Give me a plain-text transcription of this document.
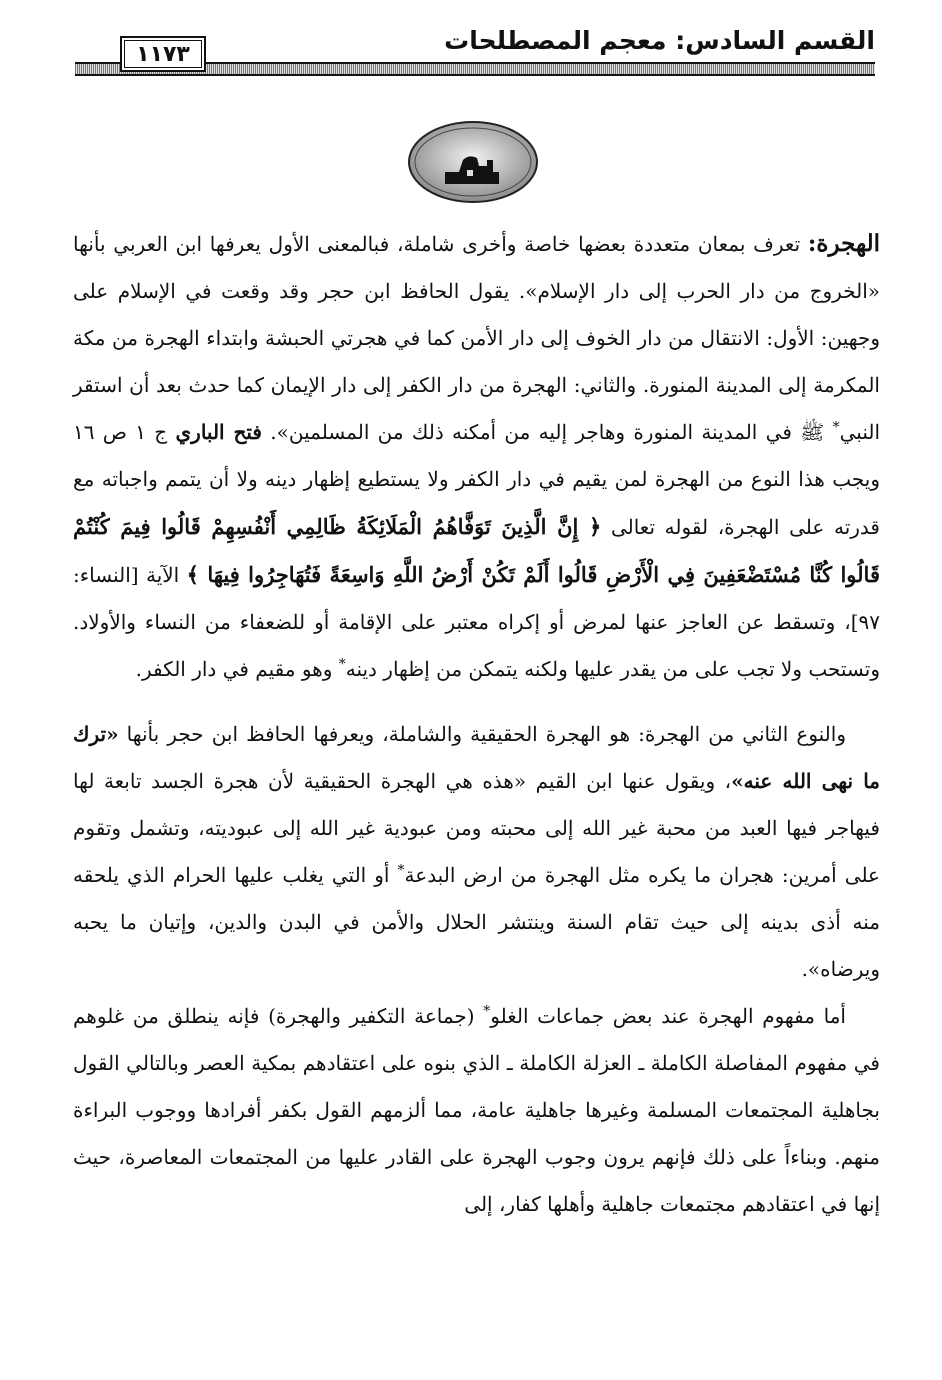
القسم السادس: معجم المصطلحات
١١٧٣

الهجرة: تعرف بمعان متعددة بعضها خاصة وأخرى شاملة، فبالمعنى الأول يعرفها ابن العربي بأنها «الخروج من دار الحرب إلى دار الإسلام». يقول الحافظ ابن حجر وقد وقعت في الإسلام على وجهين: الأول: الانتقال من دار الخوف إلى دار الأمن كما في هجرتي الحبشة وابتداء الهجرة من مكة المكرمة إلى المدينة المنورة. والثاني: الهجرة من دار الكفر إلى دار الإيمان كما حدث بعد أن استقر النبي* ﷺ في المدينة المنورة وهاجر إليه من أمكنه ذلك من المسلمين». فتح الباري ج ١ ص ١٦ ويجب هذا النوع من الهجرة لمن يقيم في دار الكفر ولا يستطيع إظهار دينه ولا أن يتمم واجباته مع قدرته على الهجرة، لقوله تعالى ﴿ إِنَّ الَّذِينَ تَوَفَّاهُمُ الْمَلَائِكَةُ ظَالِمِي أَنْفُسِهِمْ قَالُوا فِيمَ كُنْتُمْ قَالُوا كُنَّا مُسْتَضْعَفِينَ فِي الْأَرْضِ قَالُوا أَلَمْ تَكُنْ أَرْضُ اللَّهِ وَاسِعَةً فَتُهَاجِرُوا فِيهَا ﴾ الآية [النساء: ٩٧]، وتسقط عن العاجز عنها لمرض أو إكراه معتبر على الإقامة أو للضعفاء من النساء والأولاد. وتستحب ولا تجب على من يقدر عليها ولكنه يتمكن من إظهار دينه* وهو مقيم في دار الكفر.

والنوع الثاني من الهجرة: هو الهجرة الحقيقية والشاملة، ويعرفها الحافظ ابن حجر بأنها «ترك ما نهى الله عنه»، ويقول عنها ابن القيم «هذه هي الهجرة الحقيقية لأن هجرة الجسد تابعة لها فيهاجر فيها العبد من محبة غير الله إلى محبته ومن عبودية غير الله إلى عبوديته، وتشمل وتقوم على أمرين: هجران ما يكره مثل الهجرة من ارض البدعة* أو التي يغلب عليها الحرام الذي يلحقه منه أذى بدينه إلى حيث تقام السنة وينتشر الحلال والأمن في البدن والدين، وإتيان ما يحبه ويرضاه».

أما مفهوم الهجرة عند بعض جماعات الغلو* (جماعة التكفير والهجرة) فإنه ينطلق من غلوهم في مفهوم المفاصلة الكاملة ـ العزلة الكاملة ـ الذي بنوه على اعتقادهم بمكية العصر وبالتالي القول بجاهلية المجتمعات المسلمة وغيرها جاهلية عامة، مما ألزمهم القول بكفر أفرادها ووجوب البراءة منهم. وبناءاً على ذلك فإنهم يرون وجوب الهجرة على القادر عليها من المجتمعات المعاصرة، حيث إنها في اعتقادهم مجتمعات جاهلية وأهلها كفار، إلى
